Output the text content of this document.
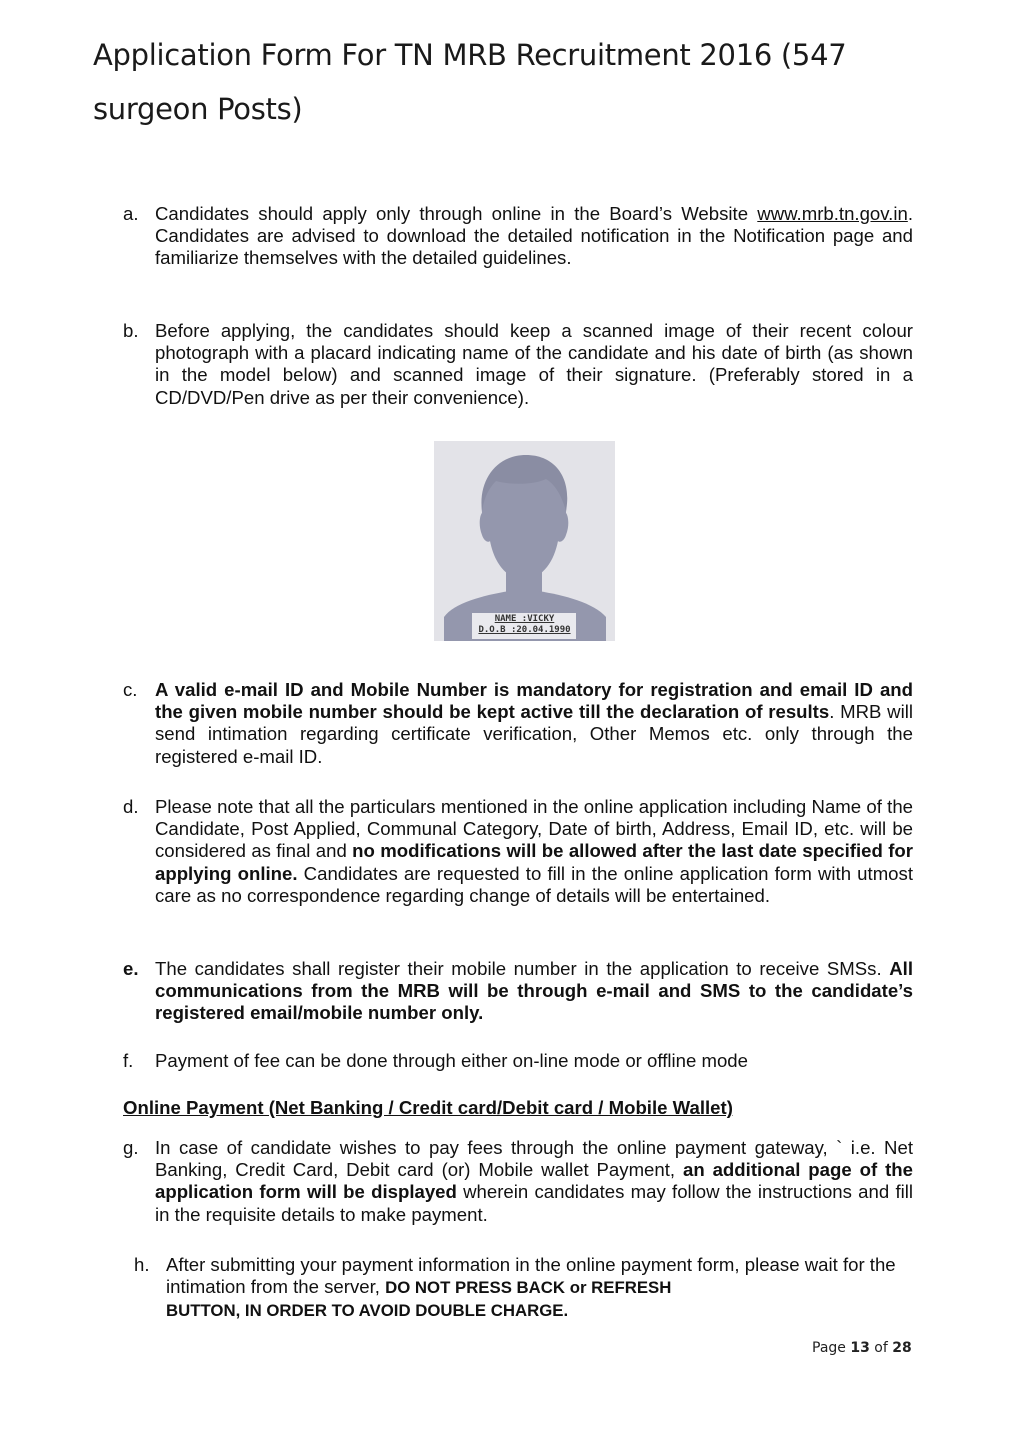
Application Form For TN MRB Recruitment 2016 (547 surgeon Posts)
a. Candidates should apply only through online in the Board’s Website www.mrb.tn.gov.in. Candidates are advised to download the detailed notification in the Notification page and familiarize themselves with the detailed guidelines.
b. Before applying, the candidates should keep a scanned image of their recent colour photograph with a placard indicating name of the candidate and his date of birth (as shown in the model below) and scanned image of their signature. (Preferably stored in a CD/DVD/Pen drive as per their convenience).
NAME :VICKY
D.O.B :20.04.1990
c. A valid e-mail ID and Mobile Number is mandatory for registration and email ID and the given mobile number should be kept active till the declaration of results. MRB will send intimation regarding certificate verification, Other Memos etc. only through the registered e-mail ID.
d. Please note that all the particulars mentioned in the online application including Name of the Candidate, Post Applied, Communal Category, Date of birth, Address, Email ID, etc. will be considered as final and no modifications will be allowed after the last date specified for applying online. Candidates are requested to fill in the online application form with utmost care as no correspondence regarding change of details will be entertained.
e. The candidates shall register their mobile number in the application to receive SMSs. All communications from the MRB will be through e-mail and SMS to the candidate’s registered email/mobile number only.
f.	Payment of fee can be done through either on-line mode or offline mode
Online Payment (Net Banking / Credit card/Debit card / Mobile Wallet)
g. In case of candidate wishes to pay fees through the online payment gateway, ` i.e. Net Banking, Credit Card, Debit card (or) Mobile wallet Payment, an additional page of the application form will be displayed wherein candidates may follow the instructions and fill in the requisite details to make payment.
h. After submitting your payment information in the online payment form, please wait for the intimation from the server, DO NOT PRESS BACK or REFRESH
BUTTON, IN ORDER TO AVOID DOUBLE CHARGE.
Page 13 of 28
